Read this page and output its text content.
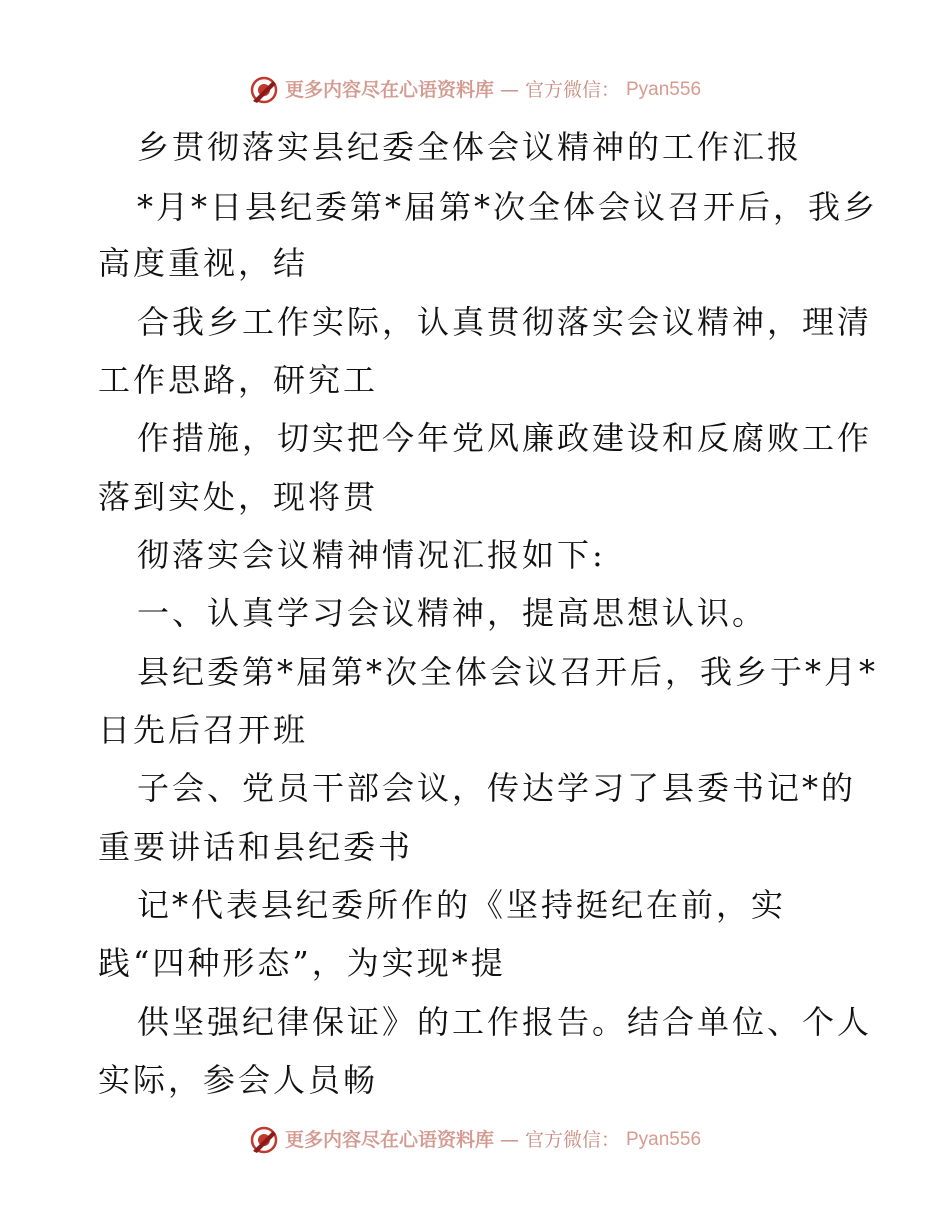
更多内容尽在心语资料库 — 官方微信： Pyan556
乡贯彻落实县纪委全体会议精神的工作汇报
*月*日县纪委第*届第*次全体会议召开后，我乡
高度重视，结
合我乡工作实际，认真贯彻落实会议精神，理清
工作思路，研究工
作措施，切实把今年党风廉政建设和反腐败工作
落到实处，现将贯
彻落实会议精神情况汇报如下:
一、认真学习会议精神，提高思想认识。
县纪委第*届第*次全体会议召开后，我乡于*月*
日先后召开班
子会、党员干部会议，传达学习了县委书记*的
重要讲话和县纪委书
记*代表县纪委所作的《坚持挺纪在前，实
践“四种形态”，为实现*提
供坚强纪律保证》的工作报告。结合单位、个人
实际，参会人员畅
更多内容尽在心语资料库 — 官方微信： Pyan556
